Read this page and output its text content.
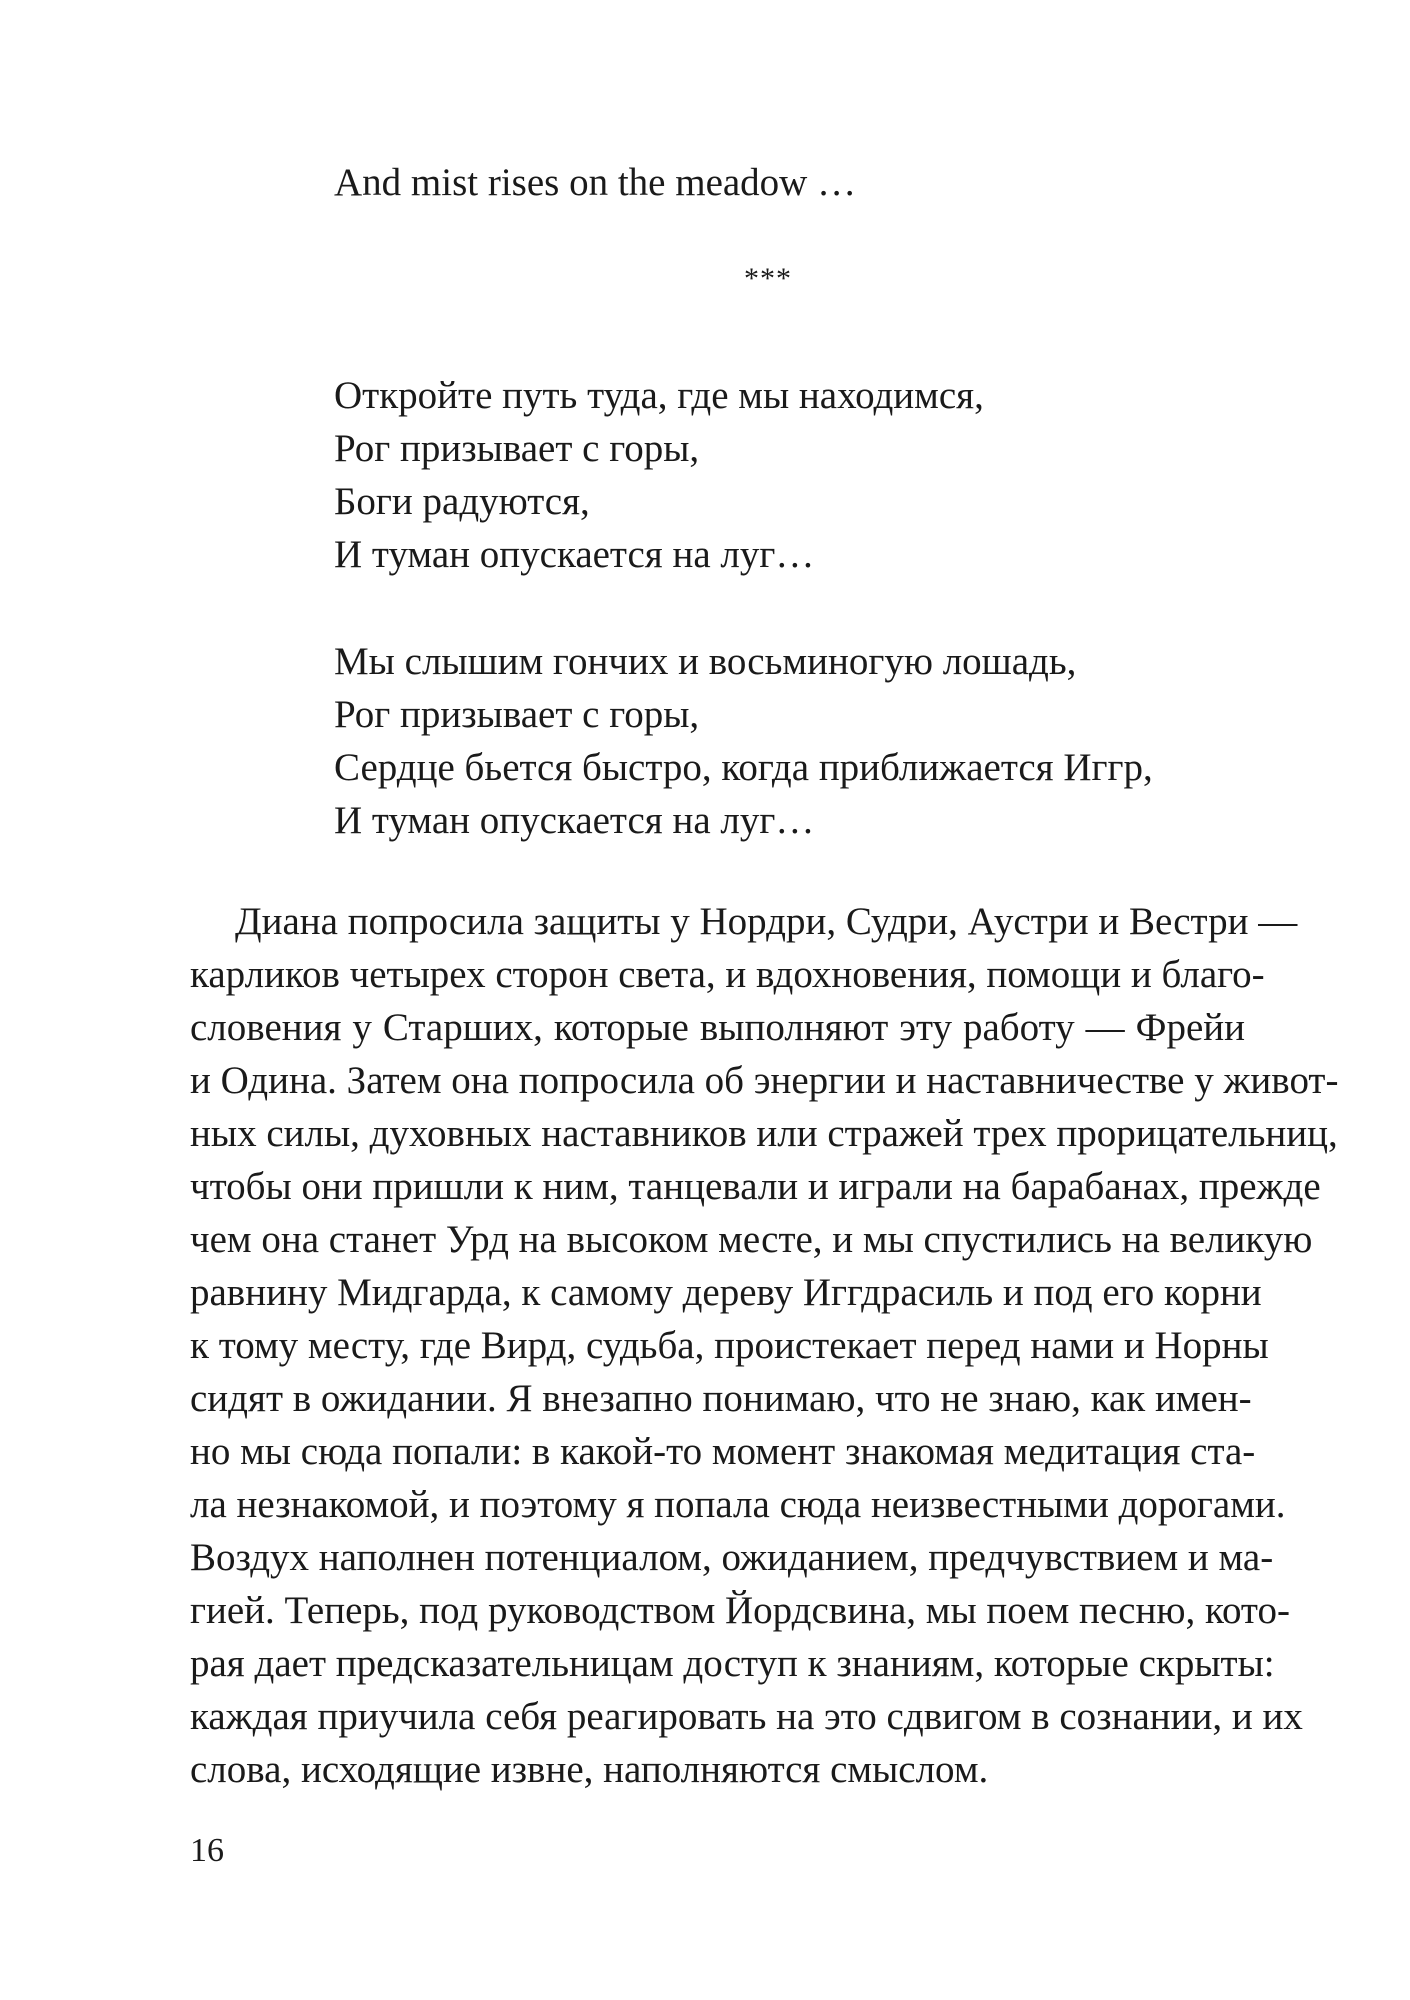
And mist rises on the meadow …
***
Откройте путь туда, где мы находимся,
Рог призывает с горы,
Боги радуются,
И туман опускается на луг…
Мы слышим гончих и восьминогую лошадь,
Рог призывает с горы,
Сердце бьется быстро, когда приближается Иггр,
И туман опускается на луг…
Диана попросила защиты у Нордри, Судри, Аустри и Вестри —
карликов четырех сторон света, и вдохновения, помощи и благо-
словения у Старших, которые выполняют эту работу — Фрейи
и Одина. Затем она попросила об энергии и наставничестве у живот-
ных силы, духовных наставников или стражей трех прорицательниц,
чтобы они пришли к ним, танцевали и играли на барабанах, прежде
чем она станет Урд на высоком месте, и мы спустились на великую
равнину Мидгарда, к самому дереву Иггдрасиль и под его корни
к тому месту, где Вирд, судьба, проистекает перед нами и Норны
сидят в ожидании. Я внезапно понимаю, что не знаю, как имен-
но мы сюда попали: в какой-то момент знакомая медитация ста-
ла незнакомой, и поэтому я попала сюда неизвестными дорогами.
Воздух наполнен потенциалом, ожиданием, предчувствием и ма-
гией. Теперь, под руководством Йордсвина, мы поем песню, кото-
рая дает предсказательницам доступ к знаниям, которые скрыты:
каждая приучила себя реагировать на это сдвигом в сознании, и их
слова, исходящие извне, наполняются смыслом.
16
